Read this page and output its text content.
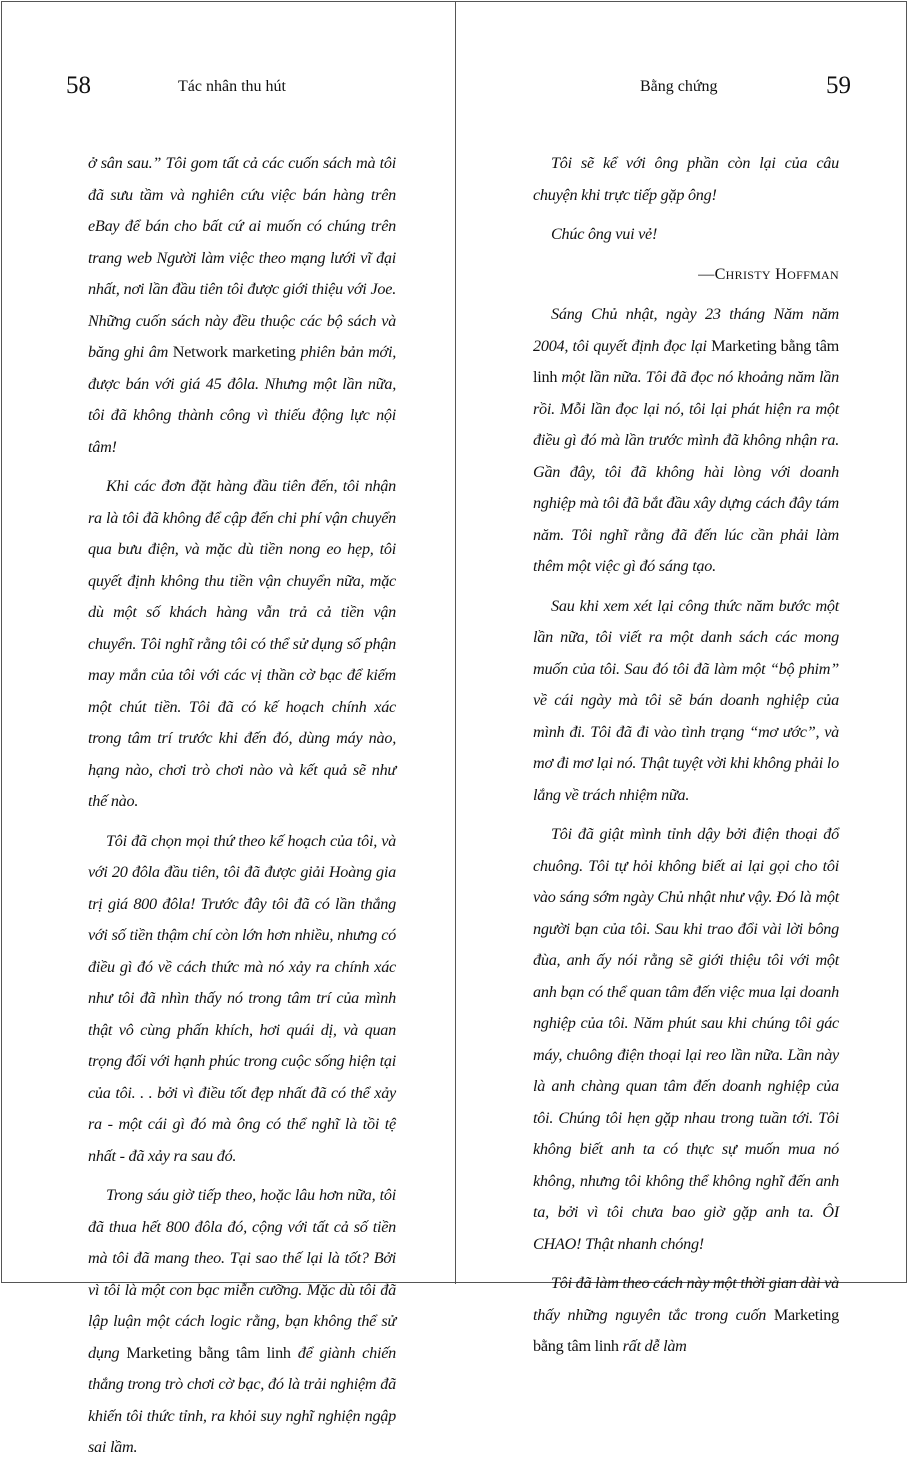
58	Tác nhân thu hút

ở sân sau.” Tôi gom tất cả các cuốn sách mà tôi đã sưu tầm và nghiên cứu việc bán hàng trên eBay để bán cho bất cứ ai muốn có chúng trên trang web Người làm việc theo mạng lưới vĩ đại nhất, nơi lần đầu tiên tôi được giới thiệu với Joe. Những cuốn sách này đều thuộc các bộ sách và băng ghi âm Network marketing phiên bản mới, được bán với giá 45 đôla. Nhưng một lần nữa, tôi đã không thành công vì thiếu động lực nội tâm!

Khi các đơn đặt hàng đầu tiên đến, tôi nhận ra là tôi đã không để cập đến chi phí vận chuyển qua bưu điện, và mặc dù tiền nong eo hẹp, tôi quyết định không thu tiền vận chuyển nữa, mặc dù một số khách hàng vẫn trả cả tiền vận chuyển. Tôi nghĩ rằng tôi có thể sử dụng số phận may mắn của tôi với các vị thần cờ bạc để kiếm một chút tiền. Tôi đã có kế hoạch chính xác trong tâm trí trước khi đến đó, dùng máy nào, hạng nào, chơi trò chơi nào và kết quả sẽ như thế nào.

Tôi đã chọn mọi thứ theo kế hoạch của tôi, và với 20 đôla đầu tiên, tôi đã được giải Hoàng gia trị giá 800 đôla! Trước đây tôi đã có lần thắng với số tiền thậm chí còn lớn hơn nhiều, nhưng có điều gì đó về cách thức mà nó xảy ra chính xác như tôi đã nhìn thấy nó trong tâm trí của mình thật vô cùng phấn khích, hơi quái dị, và quan trọng đối với hạnh phúc trong cuộc sống hiện tại của tôi. . . bởi vì điều tốt đẹp nhất đã có thể xảy ra - một cái gì đó mà ông có thể nghĩ là tồi tệ nhất - đã xảy ra sau đó.

Trong sáu giờ tiếp theo, hoặc lâu hơn nữa, tôi đã thua hết 800 đôla đó, cộng với tất cả số tiền mà tôi đã mang theo. Tại sao thế lại là tốt? Bởi vì tôi là một con bạc miễn cưỡng. Mặc dù tôi đã lập luận một cách logic rằng, bạn không thể sử dụng Marketing bằng tâm linh để giành chiến thắng trong trò chơi cờ bạc, đó là trải nghiệm đã khiến tôi thức tỉnh, ra khỏi suy nghĩ nghiện ngập sai lầm.

Bằng chứng	59

Tôi sẽ kể với ông phần còn lại của câu chuyện khi trực tiếp gặp ông!

Chúc ông vui vẻ!

—CHRISTY HOFFMAN

Sáng Chủ nhật, ngày 23 tháng Năm năm 2004, tôi quyết định đọc lại Marketing bằng tâm linh một lần nữa. Tôi đã đọc nó khoảng năm lần rồi. Mỗi lần đọc lại nó, tôi lại phát hiện ra một điều gì đó mà lần trước mình đã không nhận ra. Gần đây, tôi đã không hài lòng với doanh nghiệp mà tôi đã bắt đầu xây dựng cách đây tám năm. Tôi nghĩ rằng đã đến lúc cần phải làm thêm một việc gì đó sáng tạo.

Sau khi xem xét lại công thức năm bước một lần nữa, tôi viết ra một danh sách các mong muốn của tôi. Sau đó tôi đã làm một “bộ phim” về cái ngày mà tôi sẽ bán doanh nghiệp của mình đi. Tôi đã đi vào tình trạng “mơ ước”, và mơ đi mơ lại nó. Thật tuyệt vời khi không phải lo lắng về trách nhiệm nữa.

Tôi đã giật mình tỉnh dậy bởi điện thoại đổ chuông. Tôi tự hỏi không biết ai lại gọi cho tôi vào sáng sớm ngày Chủ nhật như vậy. Đó là một người bạn của tôi. Sau khi trao đổi vài lời bông đùa, anh ấy nói rằng sẽ giới thiệu tôi với một anh bạn có thể quan tâm đến việc mua lại doanh nghiệp của tôi. Năm phút sau khi chúng tôi gác máy, chuông điện thoại lại reo lần nữa. Lần này là anh chàng quan tâm đến doanh nghiệp của tôi. Chúng tôi hẹn gặp nhau trong tuần tới. Tôi không biết anh ta có thực sự muốn mua nó không, nhưng tôi không thể không nghĩ đến anh ta, bởi vì tôi chưa bao giờ gặp anh ta. ÔI CHAO! Thật nhanh chóng!

Tôi đã làm theo cách này một thời gian dài và thấy những nguyên tắc trong cuốn Marketing bằng tâm linh rất dễ làm
